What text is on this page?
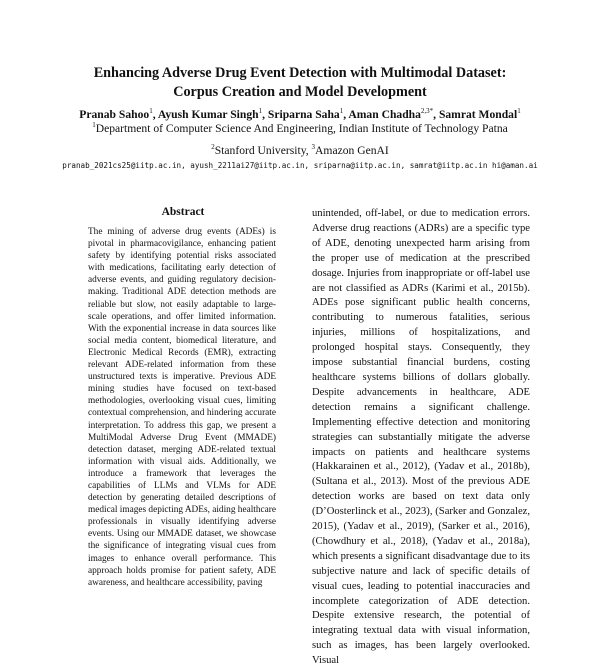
Enhancing Adverse Drug Event Detection with Multimodal Dataset:
Corpus Creation and Model Development
Pranab Sahoo$^1$, Ayush Kumar Singh$^1$, Sriparna Saha$^1$, Aman Chadha$^{2,3*}$, Samrat Mondal$^1$
$^1$Department of Computer Science And Engineering, Indian Institute of Technology Patna
$^2$Stanford University, $^3$Amazon GenAI
pranab_2021cs25@iitp.ac.in, ayush_2211ai27@iitp.ac.in, sriparna@iitp.ac.in, samrat@iitp.ac.in hi@aman.ai
Abstract
The mining of adverse drug events (ADEs) is pivotal in pharmacovigilance, enhancing patient safety by identifying potential risks associated with medications, facilitating early detection of adverse events, and guiding regulatory decision-making. Traditional ADE detection methods are reliable but slow, not easily adaptable to large-scale operations, and offer limited information. With the exponential increase in data sources like social media content, biomedical literature, and Electronic Medical Records (EMR), extracting relevant ADE-related information from these unstructured texts is imperative. Previous ADE mining studies have focused on text-based methodologies, overlooking visual cues, limiting contextual comprehension, and hindering accurate interpretation. To address this gap, we present a MultiModal Adverse Drug Event (MMADE) detection dataset, merging ADE-related textual information with visual aids. Additionally, we introduce a framework that leverages the capabilities of LLMs and VLMs for ADE detection by generating detailed descriptions of medical images depicting ADEs, aiding healthcare professionals in visually identifying adverse events. Using our MMADE dataset, we showcase the significance of integrating visual cues from images to enhance overall performance. This approach holds promise for patient safety, ADE awareness, and healthcare accessibility, paving
unintended, off-label, or due to medication errors. Adverse drug reactions (ADRs) are a specific type of ADE, denoting unexpected harm arising from the proper use of medication at the prescribed dosage. Injuries from inappropriate or off-label use are not classified as ADRs (Karimi et al., 2015b). ADEs pose significant public health concerns, contributing to numerous fatalities, serious injuries, millions of hospitalizations, and prolonged hospital stays. Consequently, they impose substantial financial burdens, costing healthcare systems billions of dollars globally. Despite advancements in healthcare, ADE detection remains a significant challenge. Implementing effective detection and monitoring strategies can substantially mitigate the adverse impacts on patients and healthcare systems (Hakkarainen et al., 2012), (Yadav et al., 2018b), (Sultana et al., 2013). Most of the previous ADE detection works are based on text data only (D’Oosterlinck et al., 2023), (Sarker and Gonzalez, 2015), (Yadav et al., 2019), (Sarker et al., 2016), (Chowdhury et al., 2018), (Yadav et al., 2018a), which presents a significant disadvantage due to its subjective nature and lack of specific details of visual cues, leading to potential inaccuracies and incomplete categorization of ADE detection. Despite extensive research, the potential of integrating textual data with visual information, such as images, has been largely overlooked. Visual
